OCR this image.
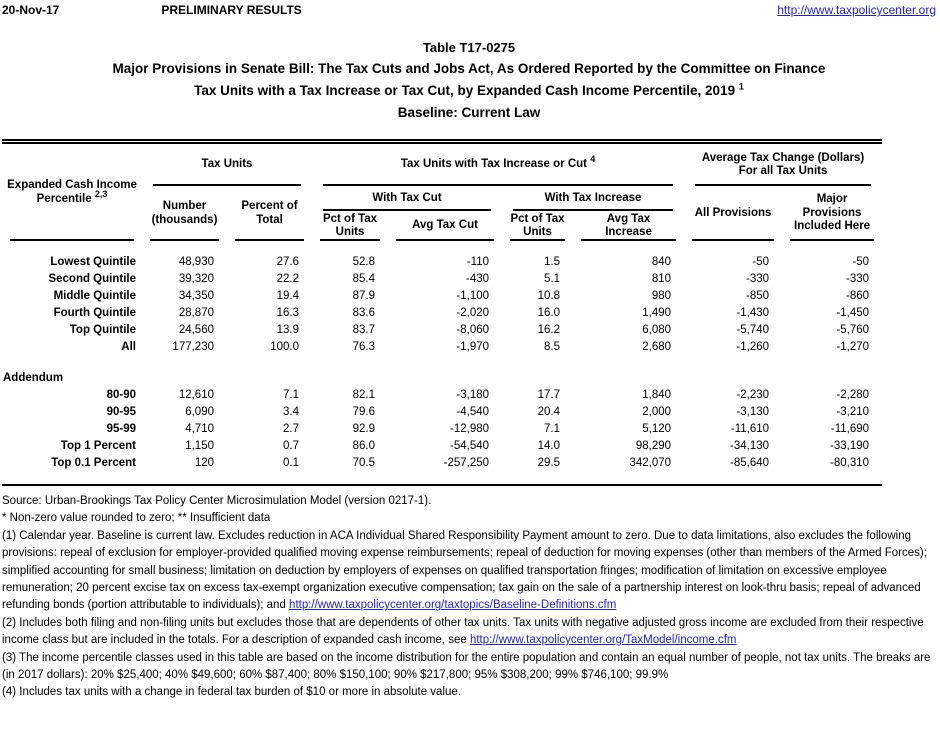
20-Nov-17	PRELIMINARY RESULTS	http://www.taxpolicycenter.org
Table T17-0275
Major Provisions in Senate Bill: The Tax Cuts and Jobs Act, As Ordered Reported by the Committee on Finance
Tax Units with a Tax Increase or Tax Cut, by Expanded Cash Income Percentile, 2019 $^1$
Baseline: Current Law
Expanded Cash Income Percentile $^{2,3}$	Tax Units		Tax Units with Tax Increase or Cut $^4$				Average Tax Change (Dollars)
For all Tax Units	

	Number (thousands)	Percent of Total	With Tax Cut		With Tax Increase		All Provisions	Major Provisions Included Here
			Pct of Tax Units	Avg Tax Cut	Pct of Tax Units	Avg Tax Increase		

Lowest Quintile	48,930	27.6	52.8	-110	1.5	840	-50	-50
Second Quintile	39,320	22.2	85.4	-430	5.1	810	-330	-330
Middle Quintile	34,350	19.4	87.9	-1,100	10.8	980	-850	-860
Fourth Quintile	28,870	16.3	83.6	-2,020	16.0	1,490	-1,430	-1,450
Top Quintile	24,560	13.9	83.7	-8,060	16.2	6,080	-5,740	-5,760
All	177,230	100.0	76.3	-1,970	8.5	2,680	-1,260	-1,270

Addendum								
80-90	12,610	7.1	82.1	-3,180	17.7	1,840	-2,230	-2,280
90-95	6,090	3.4	79.6	-4,540	20.4	2,000	-3,130	-3,210
95-99	4,710	2.7	92.9	-12,980	7.1	5,120	-11,610	-11,690
Top 1 Percent	1,150	0.7	86.0	-54,540	14.0	98,290	-34,130	-33,190
Top 0.1 Percent	120	0.1	70.5	-257,250	29.5	342,070	-85,640	-80,310

Source: Urban-Brookings Tax Policy Center Microsimulation Model (version 0217-1).
* Non-zero value rounded to zero; ** Insufficient data
(1) Calendar year. Baseline is current law. Excludes reduction in ACA Individual Shared Responsibility Payment amount to zero. Due to data limitations, also excludes the following provisions: repeal of exclusion for employer-provided qualified moving expense reimbursements; repeal of deduction for moving expenses (other than members of the Armed Forces); simplified accounting for small business; limitation on deduction by employers of expenses on qualified transportation fringes; modification of limitation on excessive employee remuneration; 20 percent excise tax on excess tax-exempt organization executive compensation; tax gain on the sale of a partnership interest on look-thru basis; repeal of advanced refunding bonds (portion attributable to individuals); and http://www.taxpolicycenter.org/taxtopics/Baseline-Definitions.cfm
(2) Includes both filing and non-filing units but excludes those that are dependents of other tax units. Tax units with negative adjusted gross income are excluded from their respective income class but are included in the totals. For a description of expanded cash income, see http://www.taxpolicycenter.org/TaxModel/income.cfm
(3) The income percentile classes used in this table are based on the income distribution for the entire population and contain an equal number of people, not tax units. The breaks are (in 2017 dollars): 20% $25,400; 40% $49,600; 60% $87,400; 80% $150,100; 90% $217,800; 95% $308,200; 99% $746,100; 99.9%
(4) Includes tax units with a change in federal tax burden of $10 or more in absolute value.
